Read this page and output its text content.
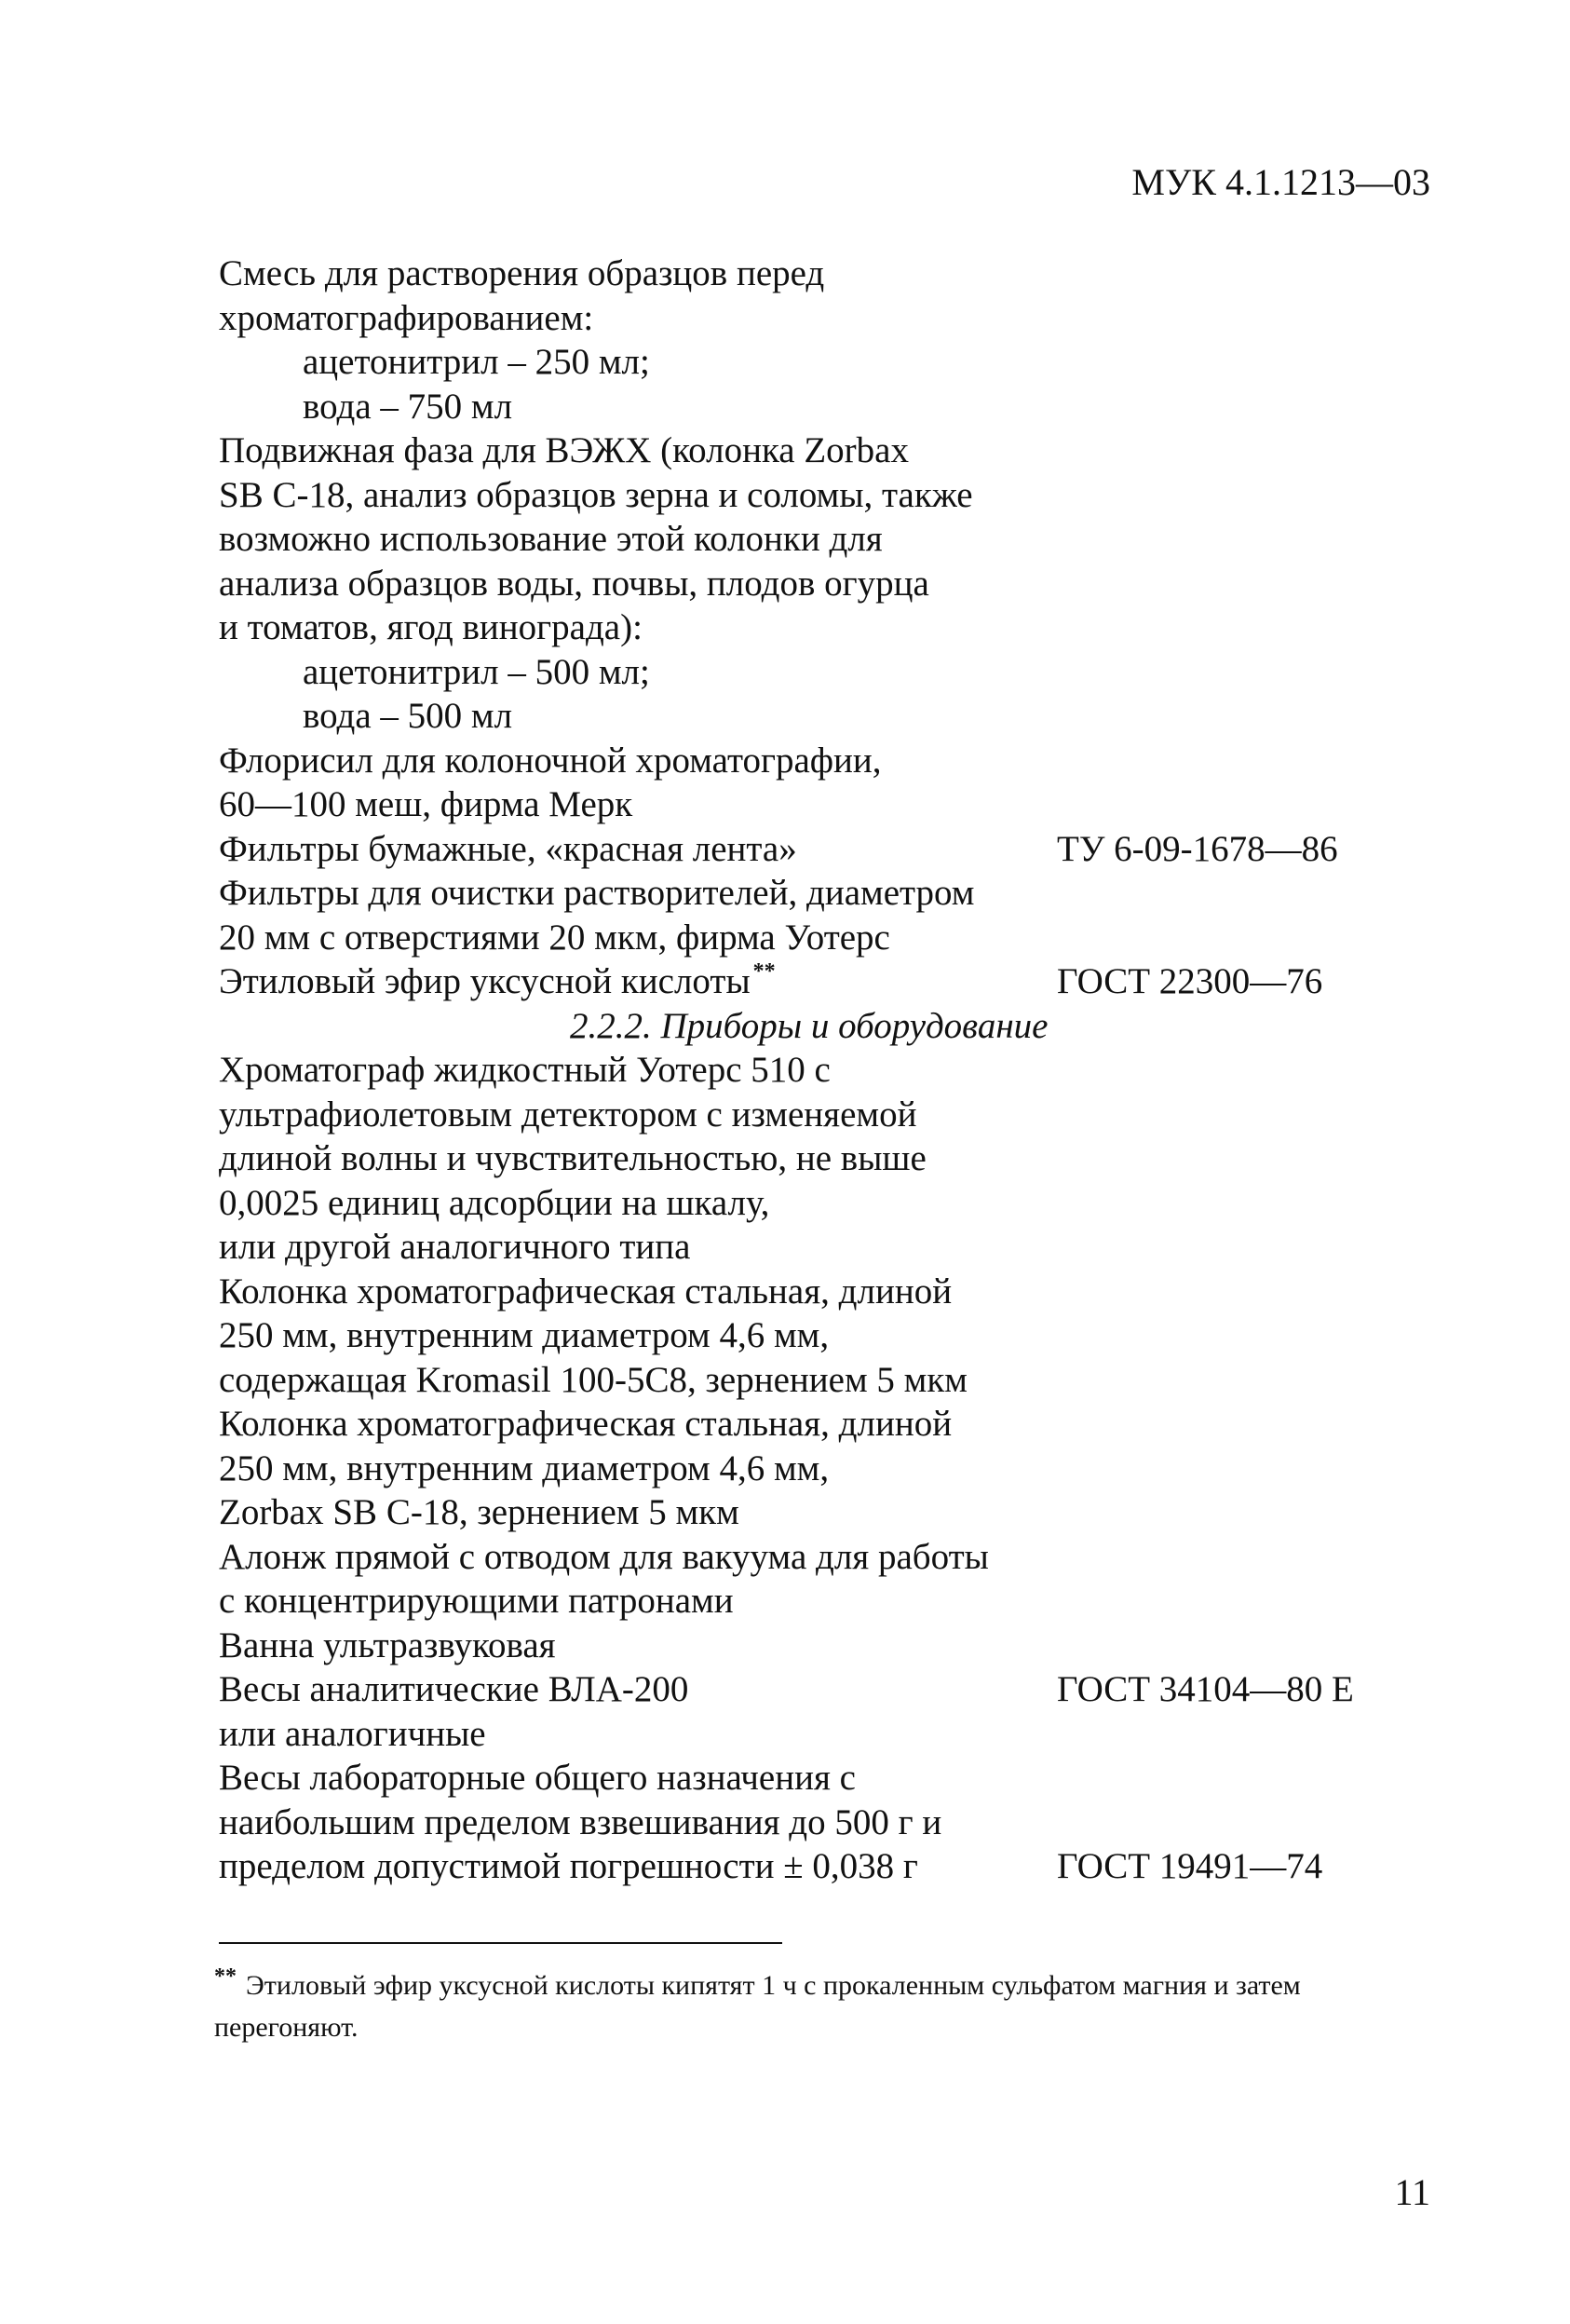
МУК 4.1.1213—03
Смесь для растворения образцов перед
хроматографированием:
ацетонитрил – 250 мл;
вода – 750 мл
Подвижная фаза для ВЭЖХ (колонка Zorbax
SB C-18, анализ образцов зерна и соломы, также
возможно использование этой колонки для
анализа образцов воды, почвы, плодов огурца
и томатов, ягод винограда):
ацетонитрил – 500 мл;
вода – 500 мл
Флорисил для колоночной хроматографии,
60—100 меш, фирма Мерк
Фильтры бумажные, «красная лента»	ТУ 6-09-1678—86
Фильтры для очистки растворителей, диаметром
20 мм с отверстиями 20 мкм, фирма Уотерс
Этиловый эфир уксусной кислоты **	ГОСТ 22300—76
2.2.2. Приборы и оборудование
Хроматограф жидкостный Уотерс 510 с
ультрафиолетовым детектором с изменяемой
длиной волны и чувствительностью, не выше
0,0025 единиц адсорбции на шкалу,
или другой аналогичного типа
Колонка хроматографическая стальная, длиной
250 мм, внутренним диаметром 4,6 мм,
содержащая Kromasil 100-5C8, зернением 5 мкм
Колонка хроматографическая стальная, длиной
250 мм, внутренним диаметром 4,6 мм,
Zorbax SB C-18, зернением 5 мкм
Алонж прямой с отводом для вакуума для работы
с концентрирующими патронами
Ванна ультразвуковая
Весы аналитические ВЛА-200	ГОСТ 34104—80 Е
или аналогичные
Весы лабораторные общего назначения с
наибольшим пределом взвешивания до 500 г и
пределом допустимой погрешности ± 0,038 г	ГОСТ 19491—74
** Этиловый эфир уксусной кислоты кипятят 1 ч с прокаленным сульфатом магния и затем перегоняют.
11
